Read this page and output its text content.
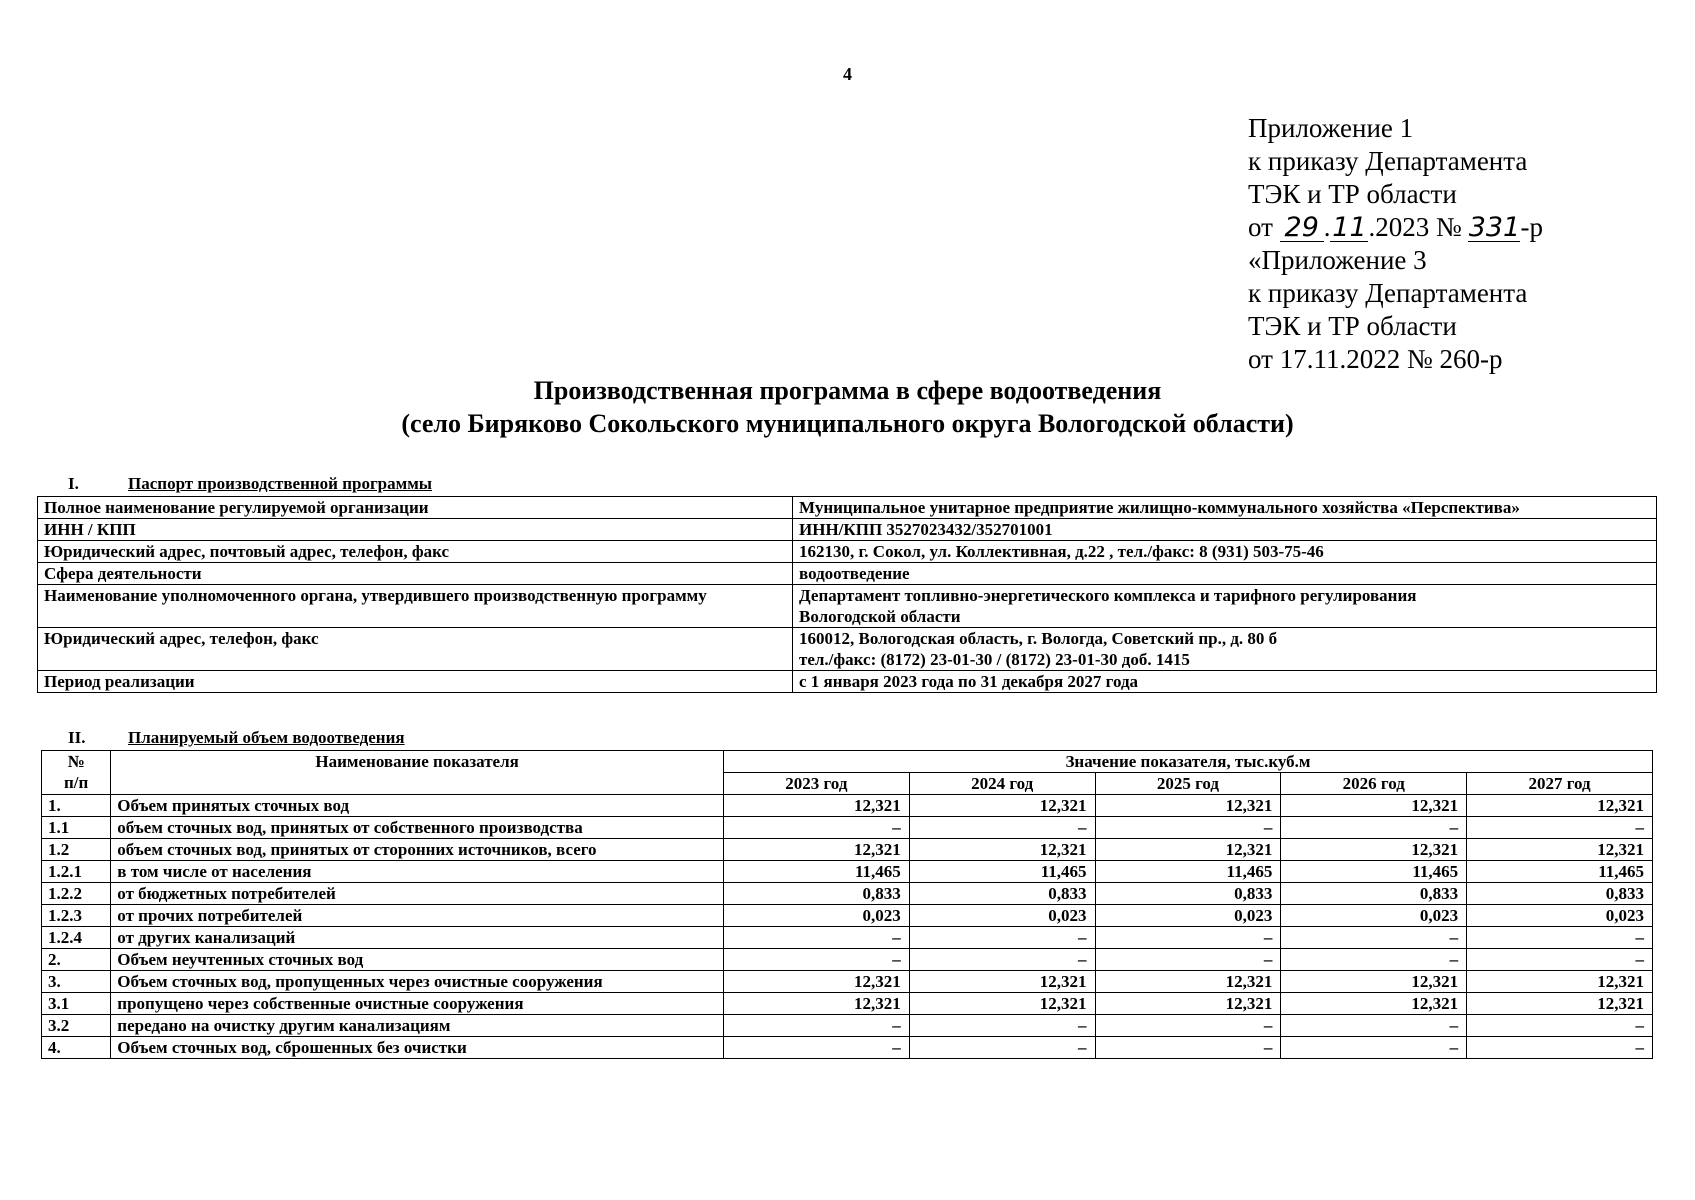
4
Приложение 1
к приказу Департамента
ТЭК и ТР области
от 29 .11.2023 № 331-р
«Приложение 3
к приказу Департамента
ТЭК и ТР области
от 17.11.2022 № 260-р
Производственная программа в сфере водоотведения
(село Биряково Сокольского муниципального округа Вологодской области)
I.	Паспорт производственной программы
Полное наименование регулируемой организации	Муниципальное унитарное предприятие жилищно-коммунального хозяйства «Перспектива»

ИНН / КПП	ИНН/КПП 3527023432/352701001

Юридический адрес, почтовый адрес, телефон, факс	162130, г. Сокол, ул. Коллективная, д.22 , тел./факс: 8 (931) 503-75-46

Сфера деятельности	водоотведение

Наименование уполномоченного органа, утвердившего производственную программу	Департамент топливно-энергетического комплекса и тарифного регулирования
Вологодской области

Юридический адрес, телефон, факс	160012, Вологодская область, г. Вологда, Советский пр., д. 80 б
тел./факс: (8172) 23-01-30 / (8172) 23-01-30 доб. 1415

Период реализации	с 1 января 2023 года по 31 декабря 2027 года
II.	Планируемый объем водоотведения
№
п/п	Наименование показателя	Значение показателя, тыс.куб.м				
		2023 год	2024 год	2025 год	2026 год	2027 год
1.	Объем принятых сточных вод	12,321	12,321	12,321	12,321	12,321
1.1	объем сточных вод, принятых от собственного производства	–	–	–	–	–
1.2	объем сточных вод, принятых от сторонних источников, всего	12,321	12,321	12,321	12,321	12,321
1.2.1	в том числе от населения	11,465	11,465	11,465	11,465	11,465
1.2.2	от бюджетных потребителей	0,833	0,833	0,833	0,833	0,833
1.2.3	от прочих потребителей	0,023	0,023	0,023	0,023	0,023
1.2.4	от других канализаций	–	–	–	–	–
2.	Объем неучтенных сточных вод	–	–	–	–	–
3.	Объем сточных вод, пропущенных через очистные сооружения	12,321	12,321	12,321	12,321	12,321
3.1	пропущено через собственные очистные сооружения	12,321	12,321	12,321	12,321	12,321
3.2	передано на очистку другим канализациям	–	–	–	–	–
4.	Объем сточных вод, сброшенных без очистки	–	–	–	–	–
